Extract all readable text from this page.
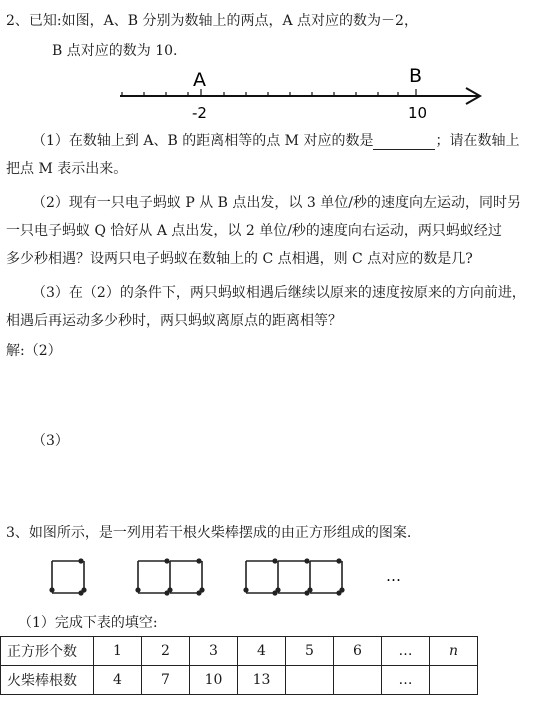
2、已知:如图，A、B 分别为数轴上的两点，A 点对应的数为－2，
B 点对应的数为 10.
A	B
-2	10
（1）在数轴上到 A、B 的距离相等的点 M 对应的数是	；请在数轴上
把点 M 表示出来。
（2）现有一只电子蚂蚁 P 从 B 点出发，以 3 单位/秒的速度向左运动，同时另
一只电子蚂蚁 Q 恰好从 A 点出发，以 2 单位/秒的速度向右运动，两只蚂蚁经过
多少秒相遇？设两只电子蚂蚁在数轴上的 C 点相遇，则 C 点对应的数是几?
（3）在（2）的条件下，两只蚂蚁相遇后继续以原来的速度按原来的方向前进，
相遇后再运动多少秒时，两只蚂蚁离原点的距离相等？
解:（2）
（3）
3、如图所示，是一列用若干根火柴棒摆成的由正方形组成的图案.
…
（1）完成下表的填空:
正方形个数	1	2	3	4	5	6	…	n
火柴棒根数	4	7	10	13			…	
